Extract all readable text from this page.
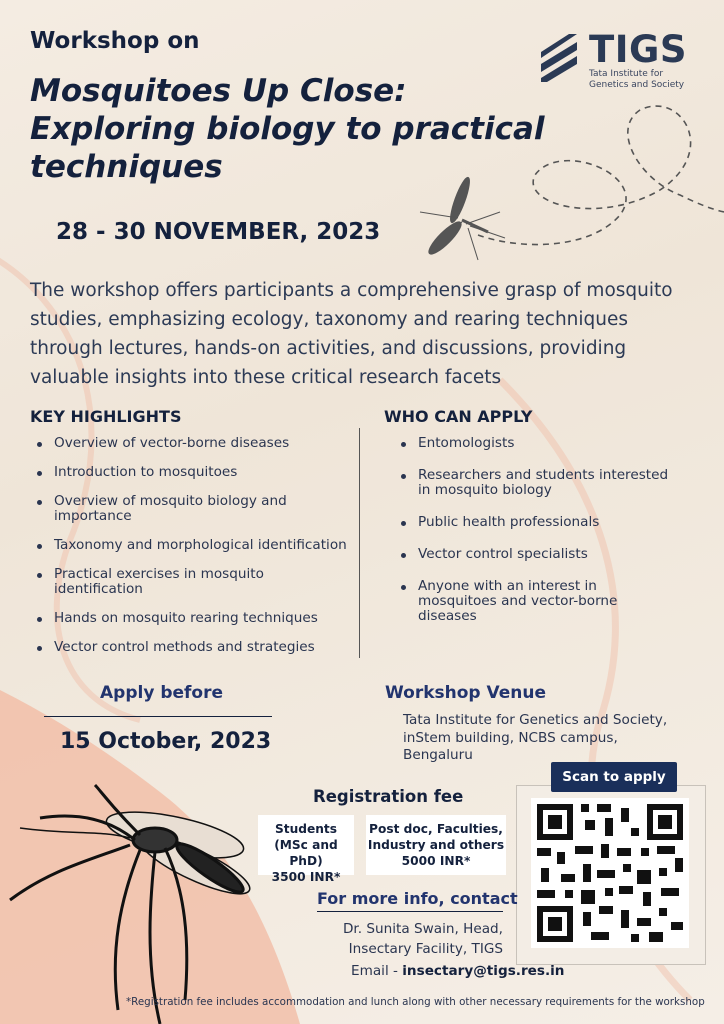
TIGS
Tata Institute for
Genetics and Society
Workshop on
Mosquitoes Up Close:
Exploring biology to practical
techniques
28 - 30 NOVEMBER, 2023
The workshop offers participants a comprehensive grasp of mosquito studies, emphasizing ecology, taxonomy and rearing techniques through lectures, hands-on activities, and discussions, providing valuable insights into these critical research facets
KEY HIGHLIGHTS
Overview of vector-borne diseases
Introduction to mosquitoes
Overview of mosquito biology and importance
Taxonomy and morphological identification
Practical exercises in mosquito identification
Hands on mosquito rearing techniques
Vector control methods and strategies
WHO CAN APPLY
Entomologists
Researchers and students interested in mosquito biology
Public health professionals
Vector control specialists
Anyone with an interest in mosquitoes and vector-borne diseases
Apply before
15 October, 2023
Workshop Venue
Tata Institute for Genetics and Society,
inStem building, NCBS campus,
Bengaluru
Scan to apply
Registration fee
Students
(MSc and PhD)
3500 INR*
Post doc, Faculties,
Industry and others
5000 INR*
For more info, contact
Dr. Sunita Swain, Head,
Insectary Facility, TIGS
Email - insectary@tigs.res.in
*Registration fee includes accommodation and lunch along with other necessary requirements for the workshop
